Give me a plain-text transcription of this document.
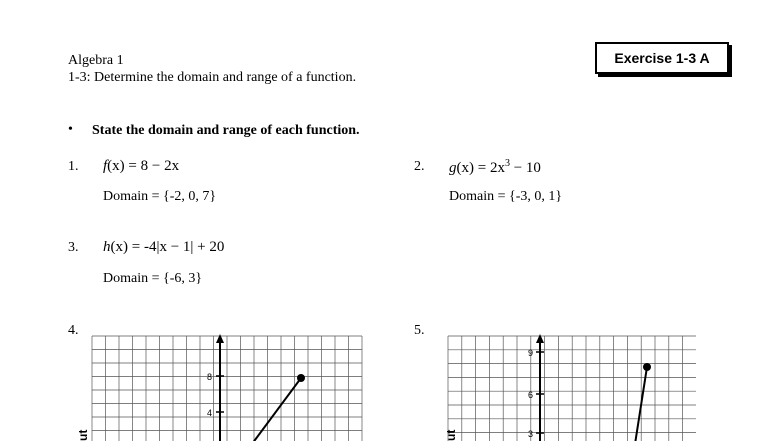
Algebra 1
1-3: Determine the domain and range of a function.
Exercise 1-3 A
• State the domain and range of each function.
1. f(x) = 8 − 2x
Domain = {-2, 0, 7}
2. $g(x) = 2x^3 - 10$
Domain = {-3, 0, 1}
3. h(x) = -4|x − 1| + 20
Domain = {-6, 3}
4.
8
4
ut
5.
9
6
3
ut
